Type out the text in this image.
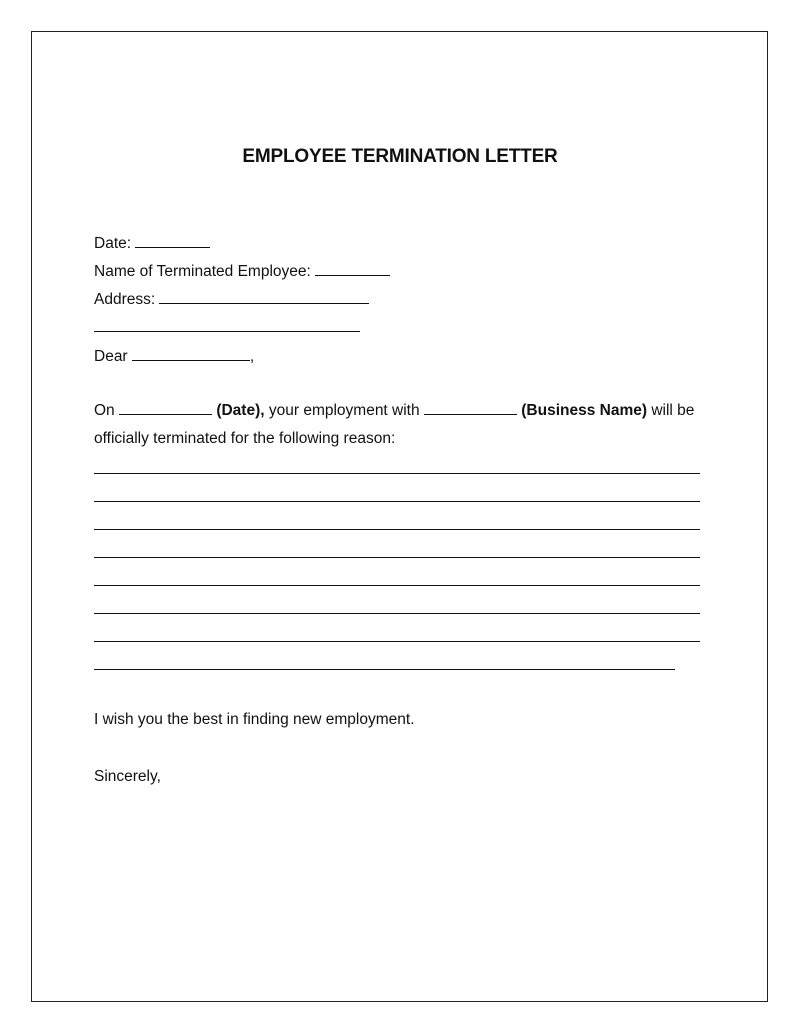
EMPLOYEE TERMINATION LETTER
Date:
Name of Terminated Employee:
Address:
Dear	,
On	(Date), your employment with	(Business Name) will be
officially terminated for the following reason:
I wish you the best in finding new employment.
Sincerely,
